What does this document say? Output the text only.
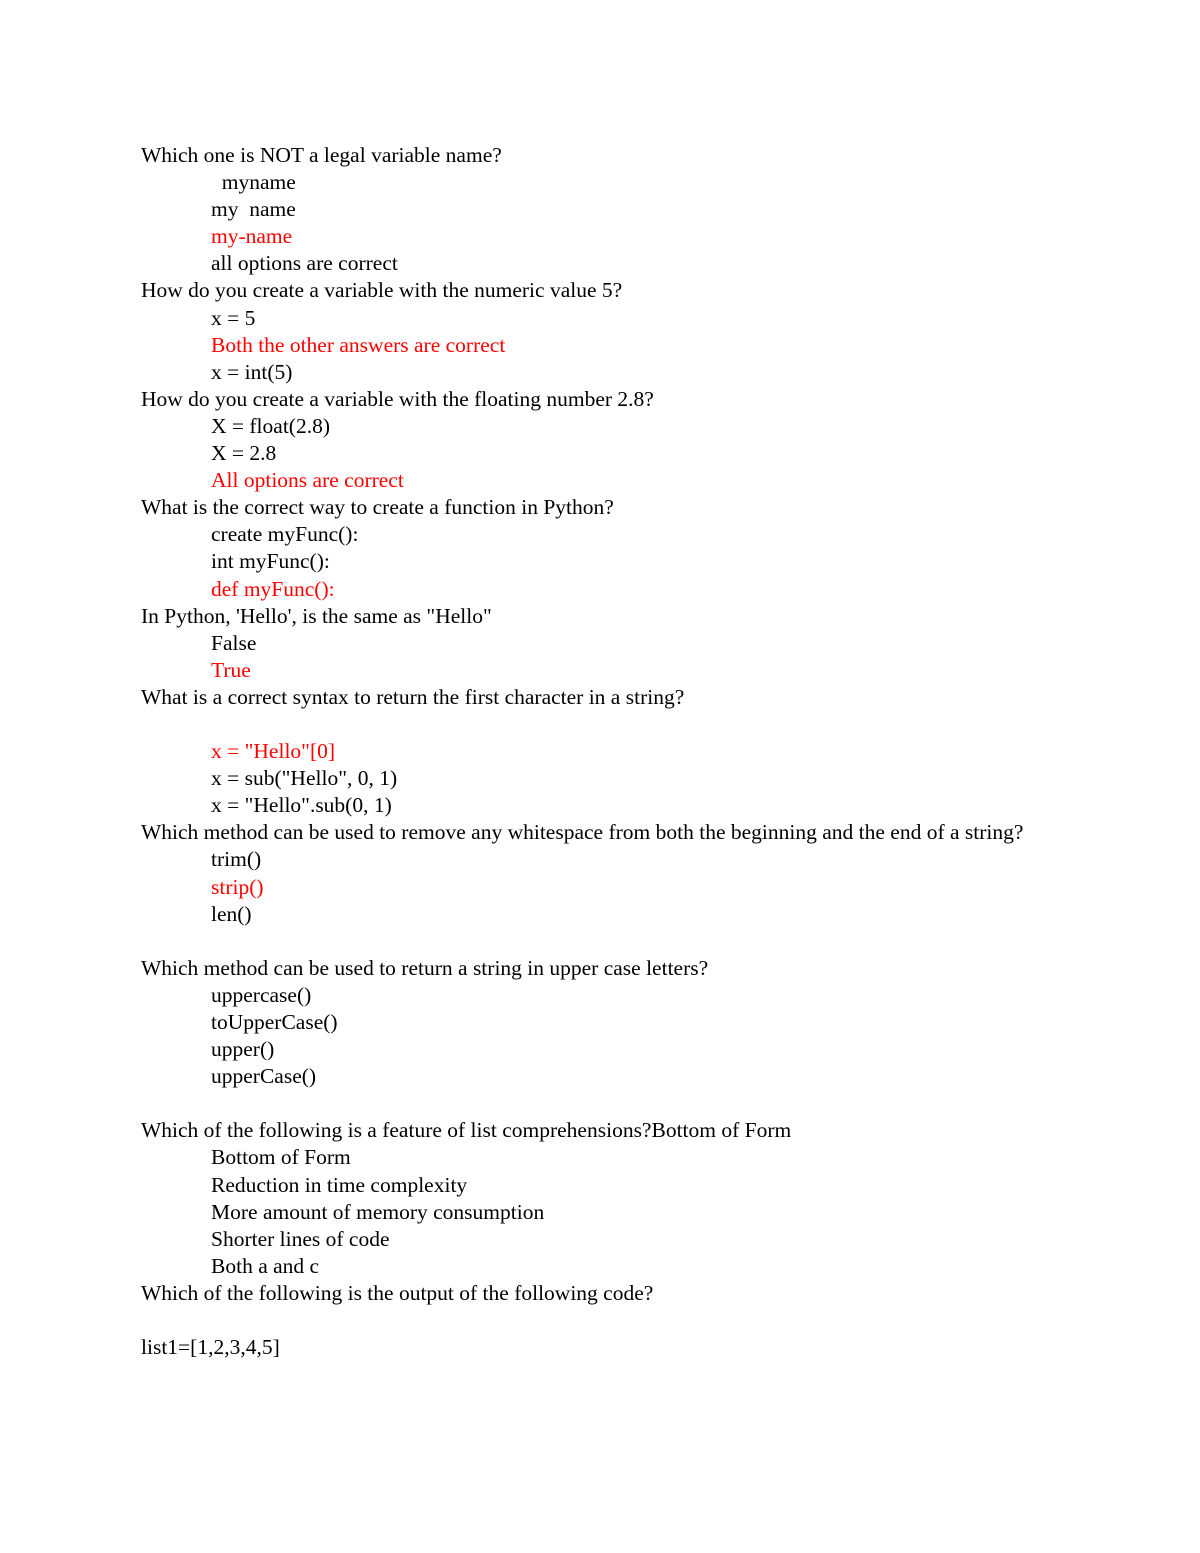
Which one is NOT a legal variable name?
myname
my  name
my-name
all options are correct
How do you create a variable with the numeric value 5?
x = 5
Both the other answers are correct
x = int(5)
How do you create a variable with the floating number 2.8?
X = float(2.8)
X = 2.8
All options are correct
What is the correct way to create a function in Python?
create myFunc():
int myFunc():
def myFunc():
In Python, 'Hello', is the same as "Hello"
False
True
What is a correct syntax to return the first character in a string?
x = "Hello"[0]
x = sub("Hello", 0, 1)
x = "Hello".sub(0, 1)
Which method can be used to remove any whitespace from both the beginning and the end of a string?
trim()
strip()
len()
Which method can be used to return a string in upper case letters?
uppercase()
toUpperCase()
upper()
upperCase()
Which of the following is a feature of list comprehensions?Bottom of Form
Bottom of Form
Reduction in time complexity
More amount of memory consumption
Shorter lines of code
Both a and c
Which of the following is the output of the following code?
list1=[1,2,3,4,5]
